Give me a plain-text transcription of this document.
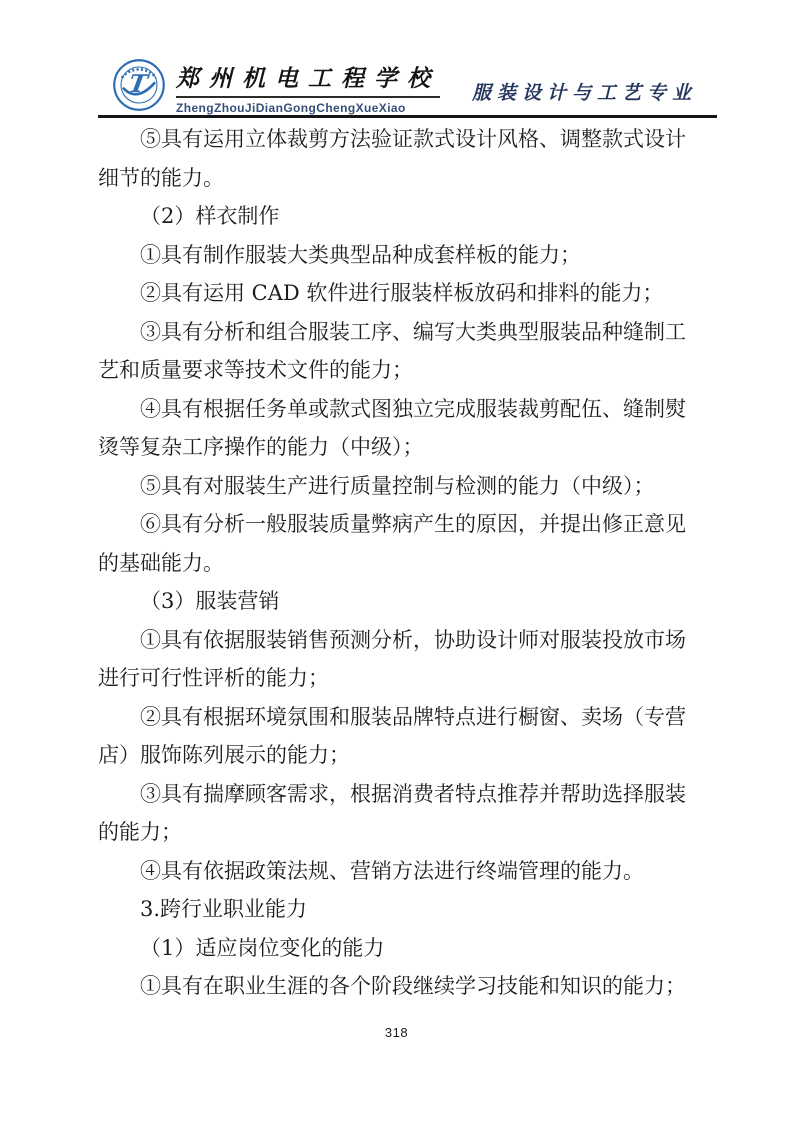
T 郑州机电工程学校
ZhengZhouJiDianGongChengXueXiao
服装设计与工艺专业

⑤具有运用立体裁剪方法验证款式设计风格、调整款式设计细节的能力。

（2）样衣制作

①具有制作服装大类典型品种成套样板的能力；

②具有运用 CAD 软件进行服装样板放码和排料的能力；

③具有分析和组合服装工序、编写大类典型服装品种缝制工艺和质量要求等技术文件的能力；

④具有根据任务单或款式图独立完成服装裁剪配伍、缝制熨烫等复杂工序操作的能力（中级）；

⑤具有对服装生产进行质量控制与检测的能力（中级）；

⑥具有分析一般服装质量弊病产生的原因，并提出修正意见的基础能力。

（3）服装营销

①具有依据服装销售预测分析，协助设计师对服装投放市场进行可行性评析的能力；

②具有根据环境氛围和服装品牌特点进行橱窗、卖场（专营店）服饰陈列展示的能力；

③具有揣摩顾客需求，根据消费者特点推荐并帮助选择服装的能力；

④具有依据政策法规、营销方法进行终端管理的能力。

3.跨行业职业能力

（1）适应岗位变化的能力

①具有在职业生涯的各个阶段继续学习技能和知识的能力；

318
